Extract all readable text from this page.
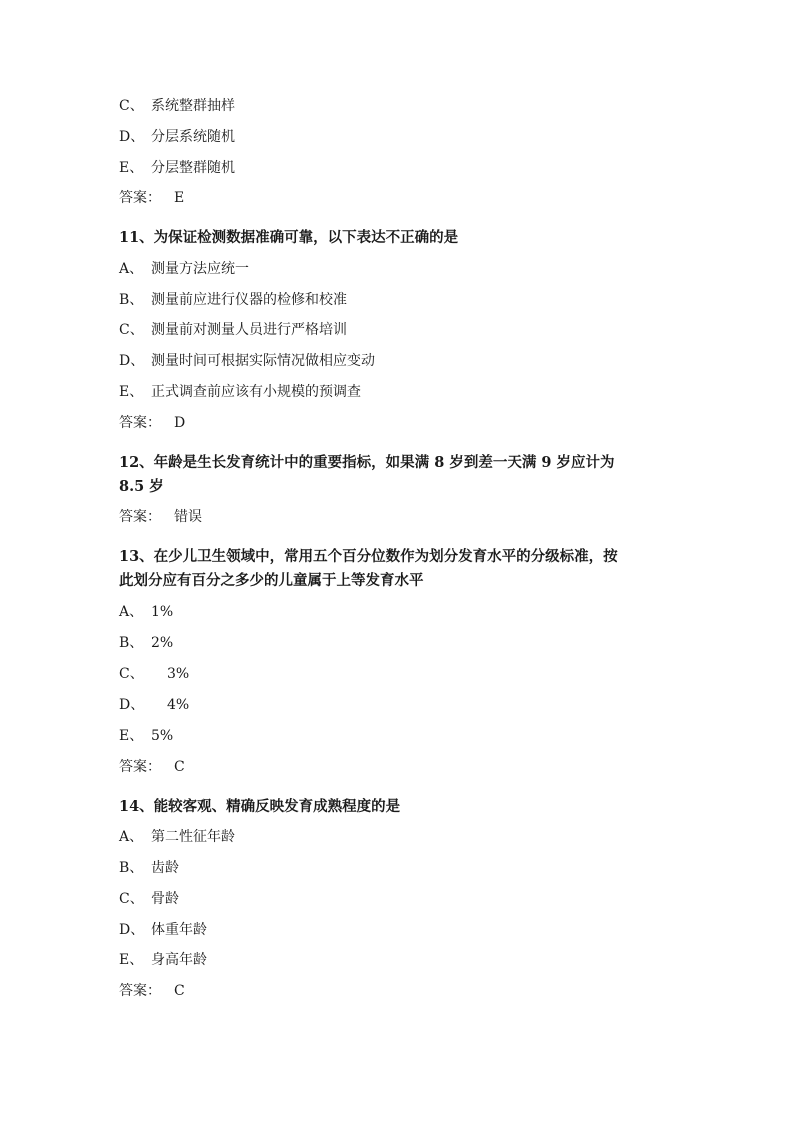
C、 系统整群抽样
D、 分层系统随机
E、 分层整群随机
答案： E
11、为保证检测数据准确可靠，以下表达不正确的是
A、 测量方法应统一
B、 测量前应进行仪器的检修和校准
C、 测量前对测量人员进行严格培训
D、 测量时间可根据实际情况做相应变动
E、 正式调查前应该有小规模的预调查
答案： D
12、年龄是生长发育统计中的重要指标，如果满 8 岁到差一天满 9 岁应计为
8.5 岁
答案： 错误
13、在少儿卫生领域中，常用五个百分位数作为划分发育水平的分级标准，按
此划分应有百分之多少的儿童属于上等发育水平
A、 1%
B、 2%
C、 3%
D、 4%
E、 5%
答案： C
14、能较客观、精确反映发育成熟程度的是
A、 第二性征年龄
B、 齿龄
C、 骨龄
D、 体重年龄
E、 身高年龄
答案： C
